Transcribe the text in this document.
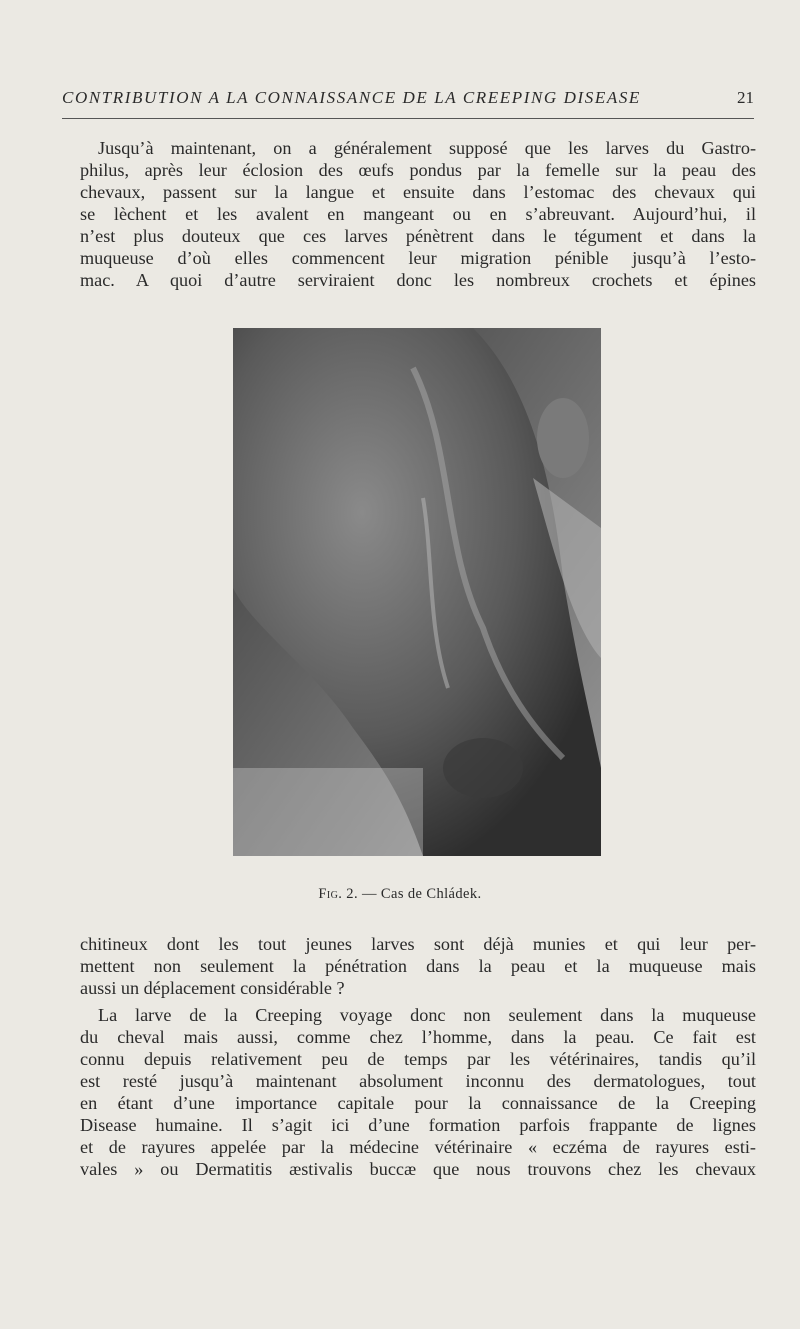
CONTRIBUTION A LA CONNAISSANCE DE LA CREEPING DISEASE	21

Jusqu’à maintenant, on a généralement supposé que les larves du Gastro-
philus, après leur éclosion des œufs pondus par la femelle sur la peau des
chevaux, passent sur la langue et ensuite dans l’estomac des chevaux qui
se lèchent et les avalent en mangeant ou en s’abreuvant. Aujourd’hui, il
n’est plus douteux que ces larves pénètrent dans le tégument et dans la
muqueuse d’où elles commencent leur migration pénible jusqu’à l’esto-
mac. A quoi d’autre serviraient donc les nombreux crochets et épines

Fig. 2. — Cas de Chládek.

chitineux dont les tout jeunes larves sont déjà munies et qui leur per-
mettent non seulement la pénétration dans la peau et la muqueuse mais
aussi un déplacement considérable ?

La larve de la Creeping voyage donc non seulement dans la muqueuse
du cheval mais aussi, comme chez l’homme, dans la peau. Ce fait est
connu depuis relativement peu de temps par les vétérinaires, tandis qu’il
est resté jusqu’à maintenant absolument inconnu des dermatologues, tout
en étant d’une importance capitale pour la connaissance de la Creeping
Disease humaine. Il s’agit ici d’une formation parfois frappante de lignes
et de rayures appelée par la médecine vétérinaire « eczéma de rayures esti-
vales » ou Dermatitis æstivalis buccæ que nous trouvons chez les chevaux
